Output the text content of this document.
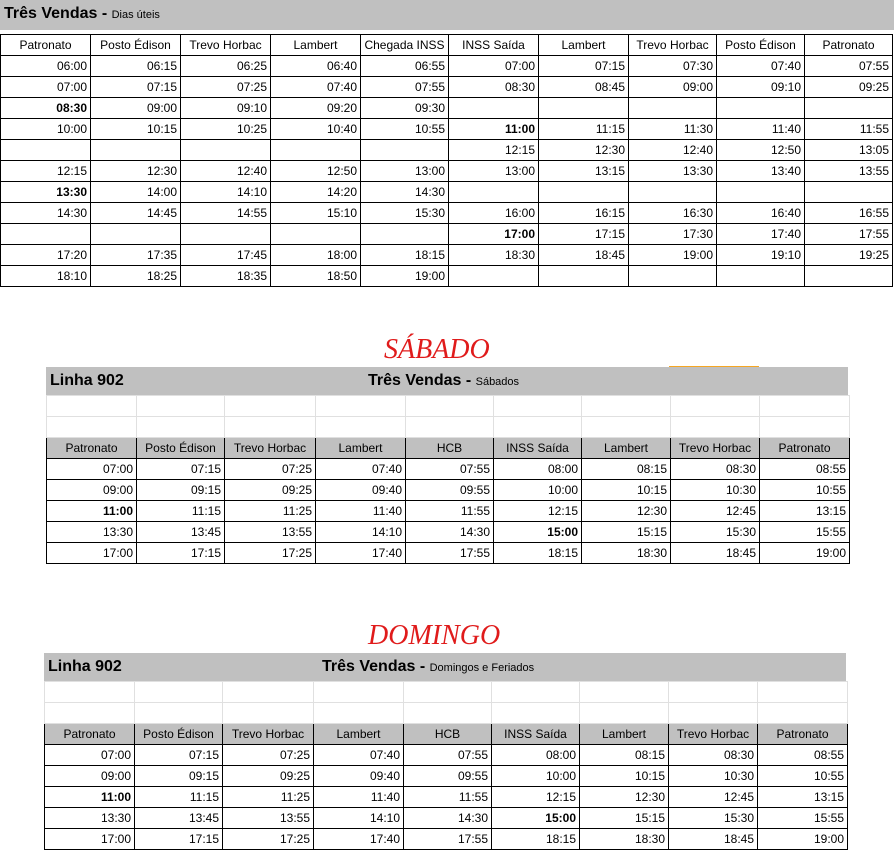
Três Vendas - Dias úteis
Patronato	Posto Édison	Trevo Horbac	Lambert	Chegada INSS	INSS Saída	Lambert	Trevo Horbac	Posto Édison	Patronato
06:00	06:15	06:25	06:40	06:55	07:00	07:15	07:30	07:40	07:55
07:00	07:15	07:25	07:40	07:55	08:30	08:45	09:00	09:10	09:25
08:30	09:00	09:10	09:20	09:30					
10:00	10:15	10:25	10:40	10:55	11:00	11:15	11:30	11:40	11:55
					12:15	12:30	12:40	12:50	13:05
12:15	12:30	12:40	12:50	13:00	13:00	13:15	13:30	13:40	13:55
13:30	14:00	14:10	14:20	14:30					
14:30	14:45	14:55	15:10	15:30	16:00	16:15	16:30	16:40	16:55
					17:00	17:15	17:30	17:40	17:55
17:20	17:35	17:45	18:00	18:15	18:30	18:45	19:00	19:10	19:25
18:10	18:25	18:35	18:50	19:00					
SÁBADO
Linha 902	Três Vendas - Sábados

Patronato	Posto Édison	Trevo Horbac	Lambert	HCB	INSS Saída	Lambert	Trevo Horbac	Patronato
07:00	07:15	07:25	07:40	07:55	08:00	08:15	08:30	08:55
09:00	09:15	09:25	09:40	09:55	10:00	10:15	10:30	10:55
11:00	11:15	11:25	11:40	11:55	12:15	12:30	12:45	13:15
13:30	13:45	13:55	14:10	14:30	15:00	15:15	15:30	15:55
17:00	17:15	17:25	17:40	17:55	18:15	18:30	18:45	19:00
DOMINGO
Linha 902	Três Vendas - Domingos e Feriados

Patronato	Posto Édison	Trevo Horbac	Lambert	HCB	INSS Saída	Lambert	Trevo Horbac	Patronato
07:00	07:15	07:25	07:40	07:55	08:00	08:15	08:30	08:55
09:00	09:15	09:25	09:40	09:55	10:00	10:15	10:30	10:55
11:00	11:15	11:25	11:40	11:55	12:15	12:30	12:45	13:15
13:30	13:45	13:55	14:10	14:30	15:00	15:15	15:30	15:55
17:00	17:15	17:25	17:40	17:55	18:15	18:30	18:45	19:00
